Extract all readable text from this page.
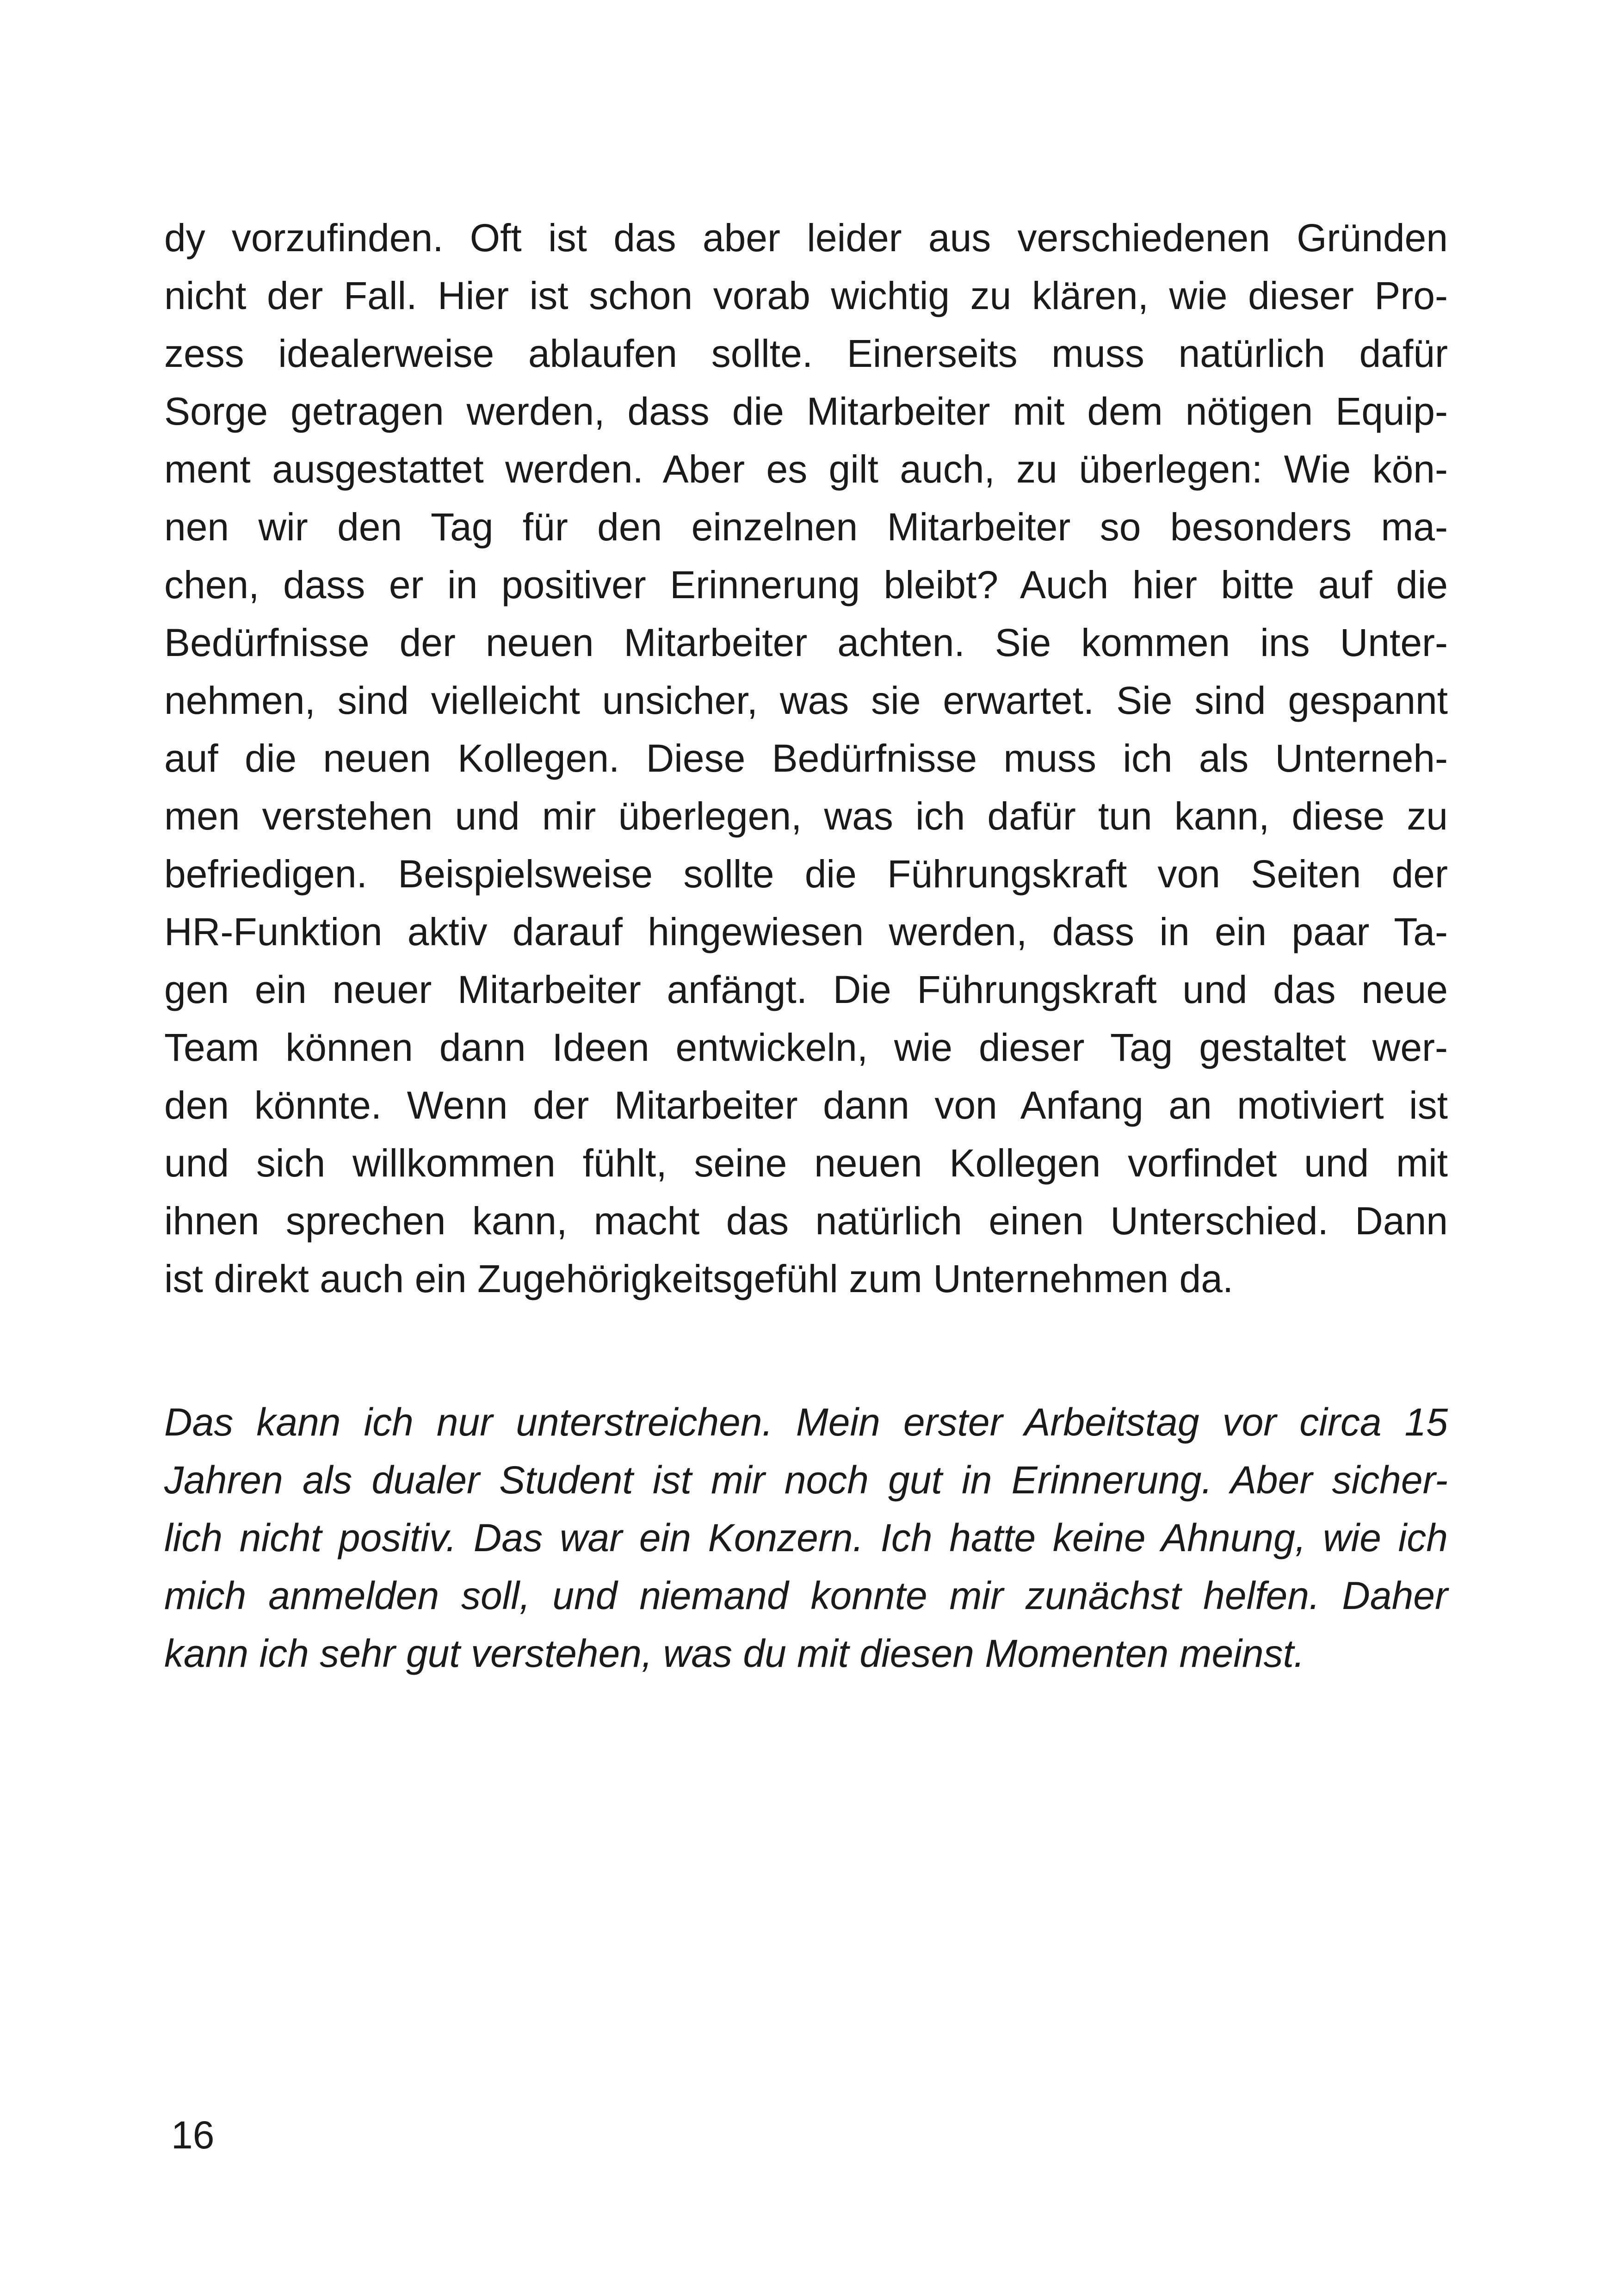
dy vorzufinden. Oft ist das aber leider aus verschiedenen Gründen
nicht der Fall. Hier ist schon vorab wichtig zu klären, wie dieser Pro-
zess idealerweise ablaufen sollte. Einerseits muss natürlich dafür
Sorge getragen werden, dass die Mitarbeiter mit dem nötigen Equip-
ment ausgestattet werden. Aber es gilt auch, zu überlegen: Wie kön-
nen wir den Tag für den einzelnen Mitarbeiter so besonders ma-
chen, dass er in positiver Erinnerung bleibt? Auch hier bitte auf die
Bedürfnisse der neuen Mitarbeiter achten. Sie kommen ins Unter-
nehmen, sind vielleicht unsicher, was sie erwartet. Sie sind gespannt
auf die neuen Kollegen. Diese Bedürfnisse muss ich als Unterneh-
men verstehen und mir überlegen, was ich dafür tun kann, diese zu
befriedigen. Beispielsweise sollte die Führungskraft von Seiten der
HR-Funktion aktiv darauf hingewiesen werden, dass in ein paar Ta-
gen ein neuer Mitarbeiter anfängt. Die Führungskraft und das neue
Team können dann Ideen entwickeln, wie dieser Tag gestaltet wer-
den könnte. Wenn der Mitarbeiter dann von Anfang an motiviert ist
und sich willkommen fühlt, seine neuen Kollegen vorfindet und mit
ihnen sprechen kann, macht das natürlich einen Unterschied. Dann
ist direkt auch ein Zugehörigkeitsgefühl zum Unternehmen da.
Das kann ich nur unterstreichen. Mein erster Arbeitstag vor circa 15
Jahren als dualer Student ist mir noch gut in Erinnerung. Aber sicher-
lich nicht positiv. Das war ein Konzern. Ich hatte keine Ahnung, wie ich
mich anmelden soll, und niemand konnte mir zunächst helfen. Daher
kann ich sehr gut verstehen, was du mit diesen Momenten meinst.
16
